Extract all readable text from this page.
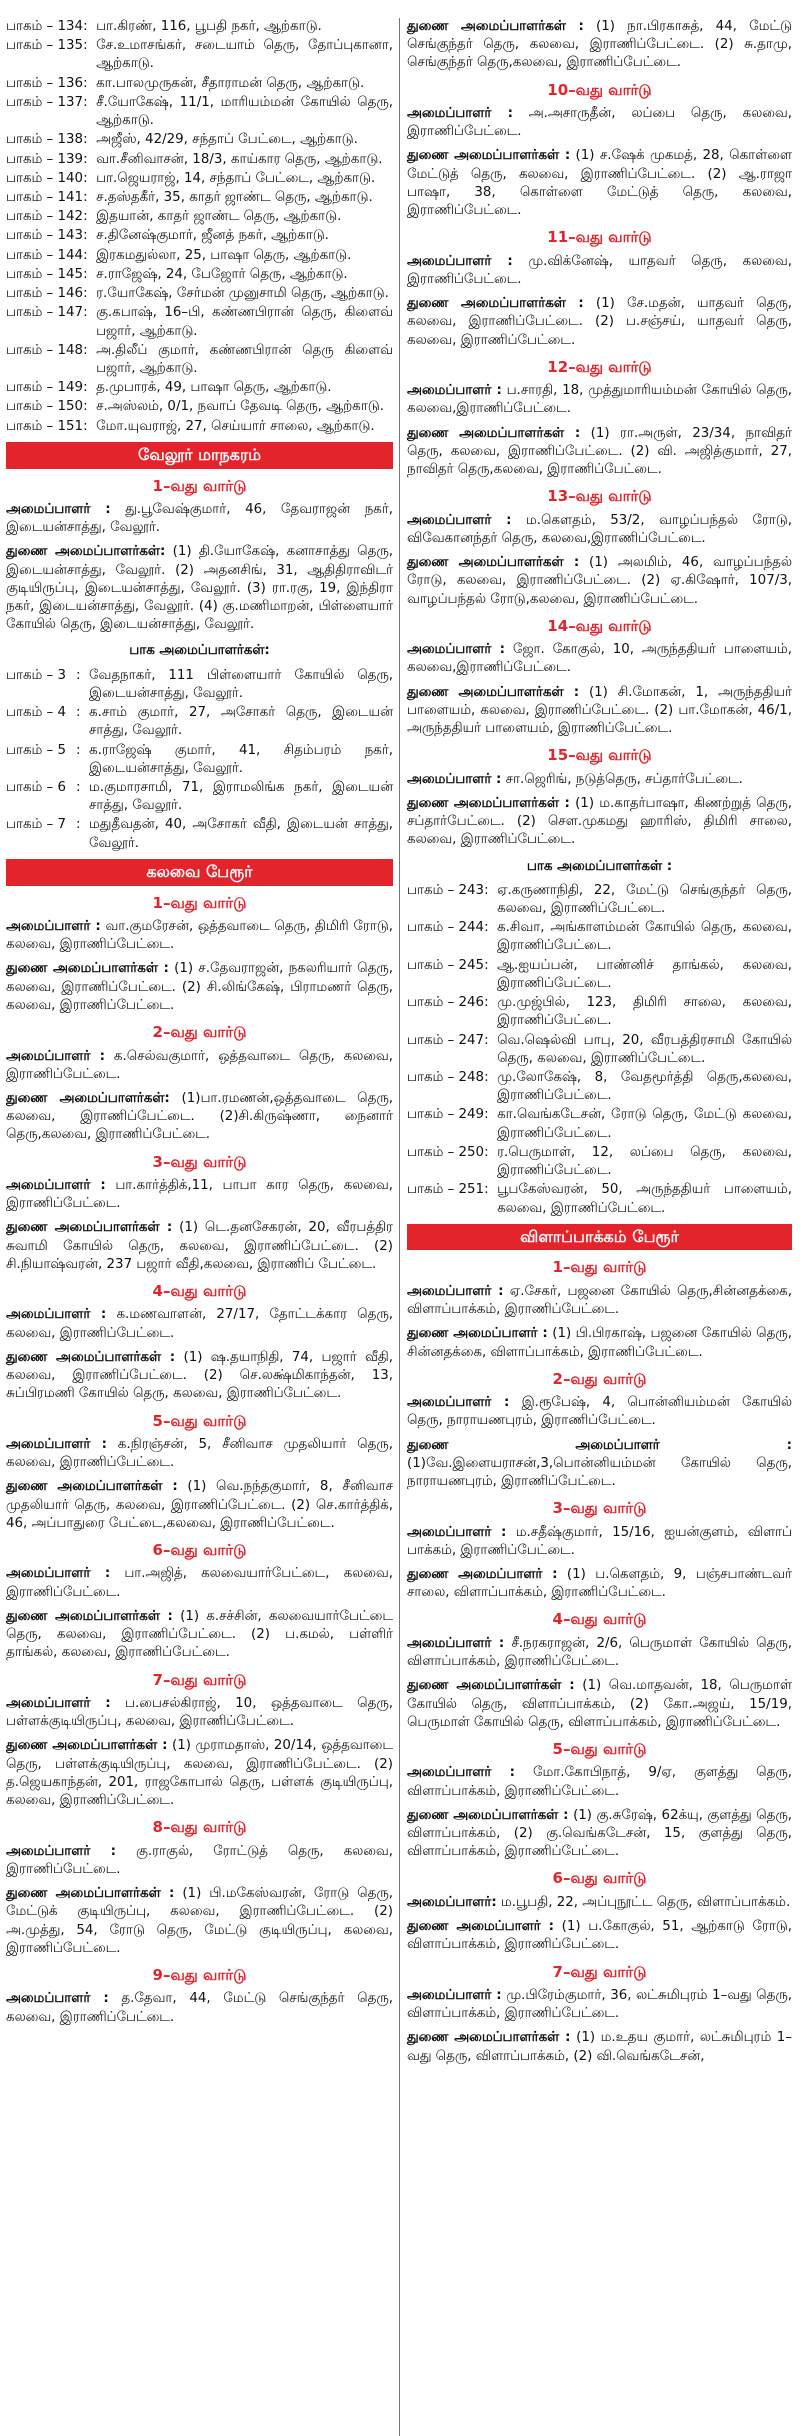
பாகம் – 134 : பா.கிரண், 116, பூபதி நகர், ஆற்காடு.
பாகம் – 135 : சே.உமாசங்கர், சடையாம் தெரு, தோப்புகானா, ஆற்காடு.
பாகம் – 136 : கா.பாலமுருகன், சீதாராமன் தெரு, ஆற்காடு.
பாகம் – 137 : சீ.யோகேஷ், 11/1, மாரியம்மன் கோயில் தெரு, ஆற்காடு.
பாகம் – 138 : அஜீஸ், 42/29, சந்தாப் பேட்டை, ஆற்காடு.
பாகம் – 139 : வா.சீனிவாசன், 18/3, காய்கார தெரு, ஆற்காடு.
பாகம் – 140 : பா.ஜெயராஜ், 14, சந்தாப் பேட்டை, ஆற்காடு.
பாகம் – 141 : ச.தஸ்தகீர், 35, காதர் ஜாண்ட தெரு, ஆற்காடு.
பாகம் – 142 : இதயான், காதர் ஜாண்ட தெரு, ஆற்காடு.
பாகம் – 143 : ச.தினேஷ்குமார், ஜீனத் நகர், ஆற்காடு.
பாகம் – 144 : இரகமதுல்லா, 25, பாஷா தெரு, ஆற்காடு.
பாகம் – 145 : ச.ராஜேஷ், 24, பேஜோர் தெரு, ஆற்காடு.
பாகம் – 146 : ர.யோகேஷ், சேர்மன் முனுசாமி தெரு, ஆற்காடு.
பாகம் – 147 : கு.கபாஷ், 16–பி, கண்ணபிரான் தெரு, கிளைவ் பஜார், ஆற்காடு.
பாகம் – 148 : அ.திலீப் குமார், கண்ணபிரான் தெரு கிளைவ் பஜார், ஆற்காடு.
பாகம் – 149 : த.முபாரக், 49, பாஷா தெரு, ஆற்காடு.
பாகம் – 150 : ச.அஸ்லம், 0/1, நவாப் தேவடி தெரு, ஆற்காடு.
பாகம் – 151 : மோ.யுவராஜ், 27, செய்யார் சாலை, ஆற்காடு.
வேலூர் மாநகரம்
1–வது வார்டு
அமைப்பாளர் : து.பூவேஷ்குமார், 46, தேவராஜன் நகர், இடையன்சாத்து, வேலூர்.
துணை அமைப்பாளர்கள்: (1) தி.யோகேஷ், கனாசாத்து தெரு, இடையன்சாத்து, வேலூர். (2) அதனசிங், 31, ஆதிதிராவிடர் குடியிருப்பு, இடையன்சாத்து, வேலூர். (3) ரா.ரகு, 19, இந்திரா நகர், இடையன்சாத்து, வேலூர். (4) கு.மணிமாறன், பிள்ளையார் கோயில் தெரு, இடையன்சாத்து, வேலூர்.
பாக அமைப்பாளர்கள்:
பாகம் – 3 : வேதநாகர், 111 பிள்ளையார் கோயில் தெரு, இடையன்சாத்து, வேலூர்.
பாகம் – 4 : க.சாம் குமார், 27, அசோகர் தெரு, இடையன் சாத்து, வேலூர்.
பாகம் – 5 : க.ராஜேஷ் குமார், 41, சிதம்பரம் நகர், இடையன்சாத்து, வேலூர்.
பாகம் – 6 : ம.குமாரசாமி, 71, இராமலிங்க நகர், இடையன் சாத்து, வேலூர்.
பாகம் – 7 : மதுதீவதன், 40, அசோகர் வீதி, இடையன் சாத்து, வேலூர்.
கலவை பேரூர்
1–வது வார்டு
அமைப்பாளர் : வா.குமரேசன், ஒத்தவாடை தெரு, திமிரி ரோடு, கலவை, இராணிப்பேட்டை.
துணை அமைப்பாளர்கள் : (1) ச.தேவராஜன், நகலரியார் தெரு, கலவை, இராணிப்பேட்டை. (2) சி.லிங்கேஷ், பிராமணர் தெரு, கலவை, இராணிப்பேட்டை.
2–வது வார்டு
அமைப்பாளர் : க.செல்வகுமார், ஒத்தவாடை தெரு, கலவை, இராணிப்பேட்டை.
துணை அமைப்பாளர்கள்: (1)பா.ரமணன்,ஒத்தவாடை தெரு, கலவை, இராணிப்பேட்டை. (2)சி.கிருஷ்ணா, நைனார் தெரு,கலவை, இராணிப்பேட்டை.
3–வது வார்டு
அமைப்பாளர் : பா.கார்த்திக்,11, பாபா கார தெரு, கலவை, இராணிப்பேட்டை.
துணை அமைப்பாளர்கள் : (1) டெ.தனசேகரன், 20, வீரபத்திர சுவாமி கோயில் தெரு, கலவை, இராணிப்பேட்டை. (2) சி.நியாஷ்வரன், 237 பஜார் வீதி,கலவை, இராணிப் பேட்டை.
4–வது வார்டு
அமைப்பாளர் : க.மணவாளன், 27/17, தோட்டக்கார தெரு, கலவை, இராணிப்பேட்டை.
துணை அமைப்பாளர்கள் : (1) ஷ.தயாநிதி, 74, பஜார் வீதி, கலவை, இராணிப்பேட்டை. (2) செ.லக்ஷ்மிகாந்தன், 13, சுப்பிரமணி கோயில் தெரு, கலவை, இராணிப்பேட்டை.
5–வது வார்டு
அமைப்பாளர் : க.நிரஞ்சன், 5, சீனிவாச முதலியார் தெரு, கலவை, இராணிப்பேட்டை.
துணை அமைப்பாளர்கள் : (1) வெ.நந்தகுமார், 8, சீனிவாச முதலியார் தெரு, கலவை, இராணிப்பேட்டை. (2) செ.கார்த்திக், 46, அப்பாதுரை பேட்டை,கலவை, இராணிப்பேட்டை.
6–வது வார்டு
அமைப்பாளர் : பா.அஜித், கலவையார்பேட்டை, கலவை, இராணிப்பேட்டை.
துணை அமைப்பாளர்கள் : (1) க.சச்சின், கலவையார்பேட்டை தெரு, கலவை, இராணிப்பேட்டை. (2) ப.கமல், பள்ளிர் தாங்கல், கலவை, இராணிப்பேட்டை.
7–வது வார்டு
அமைப்பாளர் : ப.பைசல்கிராஜ், 10, ஒத்தவாடை தெரு, பள்ளக்குடியிருப்பு, கலவை, இராணிப்பேட்டை.
துணை அமைப்பாளர்கள் : (1) முராமதாஸ், 20/14, ஒத்தவாடை தெரு, பள்ளக்குடியிருப்பு, கலவை, இராணிப்பேட்டை. (2) த.ஜெயகாந்தன், 201, ராஜகோபால் தெரு, பள்ளக் குடியிருப்பு, கலவை, இராணிப்பேட்டை.
8–வது வார்டு
அமைப்பாளர் : கு.ராகுல், ரோட்டுத் தெரு, கலவை, இராணிப்பேட்டை.
துணை அமைப்பாளர்கள் : (1) பி.மகேஸ்வரன், ரோடு தெரு, மேட்டுக் குடியிருப்பு, கலவை, இராணிப்பேட்டை. (2) அ.முத்து, 54, ரோடு தெரு, மேட்டு குடியிருப்பு, கலவை, இராணிப்பேட்டை.
9–வது வார்டு
அமைப்பாளர் : த.தேவா, 44, மேட்டு செங்குந்தர் தெரு, கலவை, இராணிப்பேட்டை.
துணை அமைப்பாளர்கள் : (1) நா.பிரகாசுத், 44, மேட்டு செங்குந்தர் தெரு, கலவை, இராணிப்பேட்டை. (2) சு.தாமு, செங்குந்தர் தெரு,கலவை, இராணிப்பேட்டை.
10–வது வார்டு
அமைப்பாளர் : அ.அசாருதீன், லப்பை தெரு, கலவை, இராணிப்பேட்டை.
துணை அமைப்பாளர்கள் : (1) ச.ஷேக் முகமத், 28, கொள்ளை மேட்டுத் தெரு, கலவை, இராணிப்பேட்டை. (2) ஆ.ராஜா பாஷா, 38, கொள்ளை மேட்டுத் தெரு, கலவை, இராணிப்பேட்டை.
11–வது வார்டு
அமைப்பாளர் : மு.விக்னேஷ், யாதவர் தெரு, கலவை, இராணிப்பேட்டை.
துணை அமைப்பாளர்கள் : (1) சே.மதன், யாதவர் தெரு, கலவை, இராணிப்பேட்டை. (2) ப.சஞ்சய், யாதவர் தெரு, கலவை, இராணிப்பேட்டை.
12–வது வார்டு
அமைப்பாளர் : ப.சாரதி, 18, முத்துமாரியம்மன் கோயில் தெரு, கலவை,இராணிப்பேட்டை.
துணை அமைப்பாளர்கள் : (1) ரா.அருள், 23/34, நாவிதர் தெரு, கலவை, இராணிப்பேட்டை. (2) வி. அஜித்குமார், 27, நாவிதர் தெரு,கலவை, இராணிப்பேட்டை.
13–வது வார்டு
அமைப்பாளர் : ம.கௌதம், 53/2, வாழப்பந்தல் ரோடு, விவேகானந்தர் தெரு, கலவை,இராணிப்பேட்டை.
துணை அமைப்பாளர்கள் : (1) அலமிம், 46, வாழப்பந்தல் ரோடு, கலவை, இராணிப்பேட்டை. (2) ஏ.கிஷோர், 107/3, வாழப்பந்தல் ரோடு,கலவை, இராணிப்பேட்டை.
14–வது வார்டு
அமைப்பாளர் : ஜோ. கோகுல், 10, அருந்ததியர் பாளையம், கலவை,இராணிப்பேட்டை.
துணை அமைப்பாளர்கள் : (1) சி.மோகன், 1, அருந்ததியர் பாளையம், கலவை, இராணிப்பேட்டை. (2) பா.மோகன், 46/1, அருந்ததியர் பாளையம், இராணிப்பேட்டை.
15–வது வார்டு
அமைப்பாளர் : சா.ஜெரிங், நடுத்தெரு, சப்தார்பேட்டை.
துணை அமைப்பாளர்கள் : (1) ம.காதர்பாஷா, கிணற்றுத் தெரு, சப்தார்பேட்டை. (2) சௌ.முகமது ஹாரிஸ், திமிரி சாலை, கலவை, இராணிப்பேட்டை.
பாக அமைப்பாளர்கள் :
பாகம் – 243 : ஏ.கருணாநிதி, 22, மேட்டு செங்குந்தர் தெரு, கலவை, இராணிப்பேட்டை.
பாகம் – 244 : க.சிவா, அங்காளம்மன் கோயில் தெரு, கலவை, இராணிப்பேட்டை.
பாகம் – 245 : ஆ.ஐயப்பன், பாண்னிச் தாங்கல், கலவை, இராணிப்பேட்டை.
பாகம் – 246 : மு.முஜ்பில், 123, திமிரி சாலை, கலவை, இராணிப்பேட்டை.
பாகம் – 247 : வெ.ஷெல்வி பாபு, 20, வீரபத்திரசாமி கோயில் தெரு, கலவை, இராணிப்பேட்டை.
பாகம் – 248 : மு.லோகேஷ், 8, வேதமூர்த்தி தெரு,கலவை, இராணிப்பேட்டை.
பாகம் – 249 : கா.வெங்கடேசன், ரோடு தெரு, மேட்டு கலவை, இராணிப்பேட்டை.
பாகம் – 250 : ர.பெருமாள், 12, லப்பை தெரு, கலவை, இராணிப்பேட்டை.
பாகம் – 251 : பூபகேஸ்வரன், 50, அருந்ததியர் பாளையம், கலவை, இராணிப்பேட்டை.
விளாப்பாக்கம் பேரூர்
1–வது வார்டு
அமைப்பாளர் : ஏ.சேகர், பஜனை கோயில் தெரு,சின்னதக்கை, விளாப்பாக்கம், இராணிப்பேட்டை.
துணை அமைப்பாளர் : (1) பி.பிரகாஷ், பஜனை கோயில் தெரு, சின்னதக்கை, விளாப்பாக்கம், இராணிப்பேட்டை.
2–வது வார்டு
அமைப்பாளர் : இ.ரூபேஷ், 4, பொன்னியம்மன் கோயில் தெரு, நாராயணபுரம், இராணிப்பேட்டை.
துணை அமைப்பாளர் : (1)வே.இளையராசன்,3,பொன்னியம்மன் கோயில் தெரு, நாராயணபுரம், இராணிப்பேட்டை.
3–வது வார்டு
அமைப்பாளர் : ம.சதீஷ்குமார், 15/16, ஐயன்குளம், விளாப் பாக்கம், இராணிப்பேட்டை.
துணை அமைப்பாளர் : (1) ப.கௌதம், 9, பஞ்சபாண்டவர் சாலை, விளாப்பாக்கம், இராணிப்பேட்டை.
4–வது வார்டு
அமைப்பாளர் : சீ.நரகராஜன், 2/6, பெருமாள் கோயில் தெரு, விளாப்பாக்கம், இராணிப்பேட்டை.
துணை அமைப்பாளர்கள் : (1) வெ.மாதவன், 18, பெருமாள் கோயில் தெரு, விளாப்பாக்கம், (2) கோ.அஜய், 15/19, பெருமாள் கோயில் தெரு, விளாப்பாக்கம், இராணிப்பேட்டை.
5–வது வார்டு
அமைப்பாளர் : மோ.கோபிநாத், 9/ஏ, குளத்து தெரு, விளாப்பாக்கம், இராணிப்பேட்டை.
துணை அமைப்பாளர்கள் : (1) கு.சுரேஷ், 62க்யு, குளத்து தெரு, விளாப்பாக்கம், (2) கு.வெங்கடேசன், 15, குளத்து தெரு, விளாப்பாக்கம், இராணிப்பேட்டை.
6–வது வார்டு
அமைப்பாளர்: ம.பூபதி, 22, அப்புநூட்ட தெரு, விளாப்பாக்கம்.
துணை அமைப்பாளர் : (1) ப.கோகுல், 51, ஆற்காடு ரோடு, விளாப்பாக்கம், இராணிப்பேட்டை.
7–வது வார்டு
அமைப்பாளர் : மு.பிரேம்குமார், 36, லட்சுமிபுரம் 1–வது தெரு, விளாப்பாக்கம், இராணிப்பேட்டை.
துணை அமைப்பாளர்கள் : (1) ம.உதய குமார், லட்சுமிபுரம் 1–வது தெரு, விளாப்பாக்கம், (2) வி.வெங்கடேசன்,
